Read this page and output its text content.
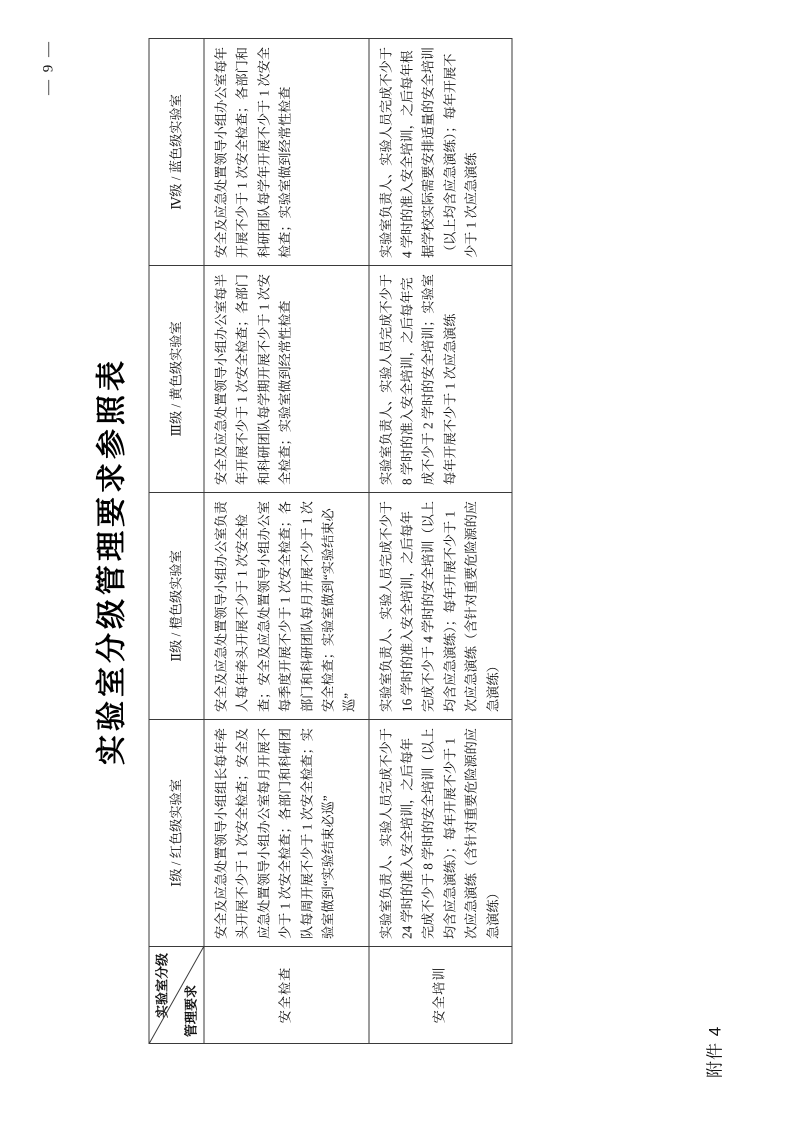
附件 4
— 9 —
实验室分级管理要求参照表
实验室分级 管理要求	Ⅰ级 / 红色级实验室	Ⅱ级 / 橙色级实验室	Ⅲ级 / 黄色级实验室	Ⅳ级 / 蓝色级实验室
安全检查	安全及应急处置领导小组组长每年牵头开展不少于 1 次安全检查；安全及应急处置领导小组办公室每月开展不少于 1 次安全检查；各部门和科研团队每周开展不少于 1 次安全检查；实验室做到“实验结束必巡”	安全及应急处置领导小组办公室负责人每年牵头开展不少于 1 次安全检查；安全及应急处置领导小组办公室每季度开展不少于 1 次安全检查；各部门和科研团队每月开展不少于 1 次安全检查；实验室做到“实验结束必巡”	安全及应急处置领导小组办公室每半年开展不少于 1 次安全检查；各部门和科研团队每学期开展不少于 1 次安全检查；实验室做到经常性检查	安全及应急处置领导小组办公室每年开展不少于 1 次安全检查；各部门和科研团队每学年开展不少于 1 次安全检查；实验室做到经常性检查
安全培训	实验室负责人、实验人员完成不少于 24 学时的准入安全培训，之后每年完成不少于 8 学时的安全培训（以上均含应急演练）；每年开展不少于 1 次应急演练（含针对重要危险源的应急演练）	实验室负责人、实验人员完成不少于 16 学时的准入安全培训，之后每年完成不少于 4 学时的安全培训（以上均含应急演练）；每年开展不少于 1 次应急演练（含针对重要危险源的应急演练）	实验室负责人、实验人员完成不少于 8 学时的准入安全培训，之后每年完成不少于 2 学时的安全培训；实验室每年开展不少于 1 次应急演练	实验室负责人、实验人员完成不少于 4 学时的准入安全培训，之后每年根据学校实际需要安排适量的安全培训（以上均含应急演练）；每年开展不少于 1 次应急演练
